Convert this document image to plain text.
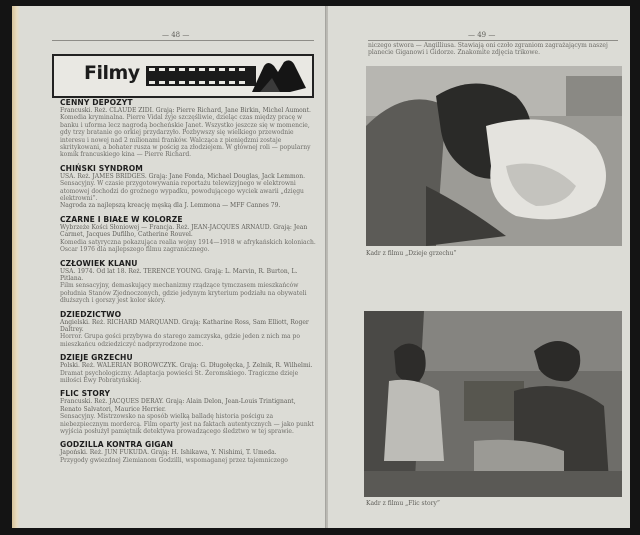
— 48 —
Filmy
CENNY DEPOZYT
Francuski. Reż. CLAUDE ZIDI. Grają: Pierre Richard, Jane Birkin, Michel Aumont.
Komedia kryminalna. Pierre Vidal żyje szczęśliwie, dzieląc czas między pracę w banku i uforma lecz nagrodą bocheńskie Janet. Wszystko jeszcze się w momencie, gdy trzy bratanie go orkiej przydarzyło. Pozbywszy się wielkiego przewodnie interesu i nowej nad 2 milionami franków. Walcząca z pieniędzmi zostaje skritykowani, a bohater rusza w pościg za złodziejem. W głównej roli — popularny komik francuskiego kina — Pierre Richard.
CHIŃSKI SYNDROM
USA. Reż. JAMES BRIDGES. Grają: Jane Fonda, Michael Douglas, Jack Lemmon.
Sensacyjny. W czasie przygotowywania reportażu telewizyjnego w elektrowni atomowej dochodzi do groźnego wypadku, powodującego wyciek awarii „dzięgu elektrowni”.
Nagroda za najlepszą kreację męską dla J. Lemmona — MFF Cannes 79.
CZARNE I BIAŁE W KOLORZE
Wybrzeże Kości Słoniowej — Francja. Reż. JEAN-JACQUES ARNAUD. Grają: Jean Carmet, Jacques Dufilho, Catherine Rouvel.
Komedia satyryczna pokazująca realia wojny 1914—1918 w afrykańskich koloniach. Oscar 1976 dla najlepszego filmu zagranicznego.
CZŁOWIEK KLANU
USA. 1974. Od lat 18. Reż. TERENCE YOUNG. Grają: L. Marvin, R. Burton, L. Pitlana.
Film sensacyjny, demaskujący mechanizmy rządzące tymczasem mieszkańców południa Stanów Zjednoczonych, gdzie jedynym kryterium podziału na obywateli dłuższych i gorszy jest kolor skóry.
DZIEDZICTWO
Angielski. Reż. RICHARD MARQUAND. Grają: Katharine Ross, Sam Elliott, Roger Daltrey.
Horror. Grupa gości przybywa do starego zamczyska, gdzie jeden z nich ma po mieszkańcu odziedziczyć nadprzyrodzone moc.
DZIEJE GRZECHU
Polski. Reż. WALERIAN BOROWCZYK. Grają: G. Długołęcka, J. Zelnik, R. Wilhelmi.
Dramat psychologiczny. Adaptacja powieści St. Żeromskiego. Tragiczne dzieje miłości Ewy Pobratyńskiej.
FLIC STORY
Francuski. Reż. JACQUES DERAY. Grają: Alain Delon, Jean-Louis Trintignant, Renato Salvatori, Maurice Herrier.
Sensacyjny. Mistrzowsko na sposób wielką balladę historia pościgu za niebezpiecznym mordercą. Film oparty jest na faktach autentycznych — jako punkt wyjścia posłużył pamiętnik detektywa prowadzącego śledztwo w tej sprawie.
GODZILLA KONTRA GIGAN
Japoński. Reż. JUN FUKUDA. Grają: H. Ishikawa, Y. Nishimi, T. Umeda.
Przygody gwiezdnej Ziemianom Godzilli, wspomaganej przez tajemniczego
— 49 —
niczego stwora — Angilliusa. Stawiają oni czoło zgraniom zagrażającym naszej planecie Giganowi i Gidorze. Znakomite zdjęcia trikowe.
Kadr z filmu „Dzieje grzechu”
Kadr z filmu „Flic story”
